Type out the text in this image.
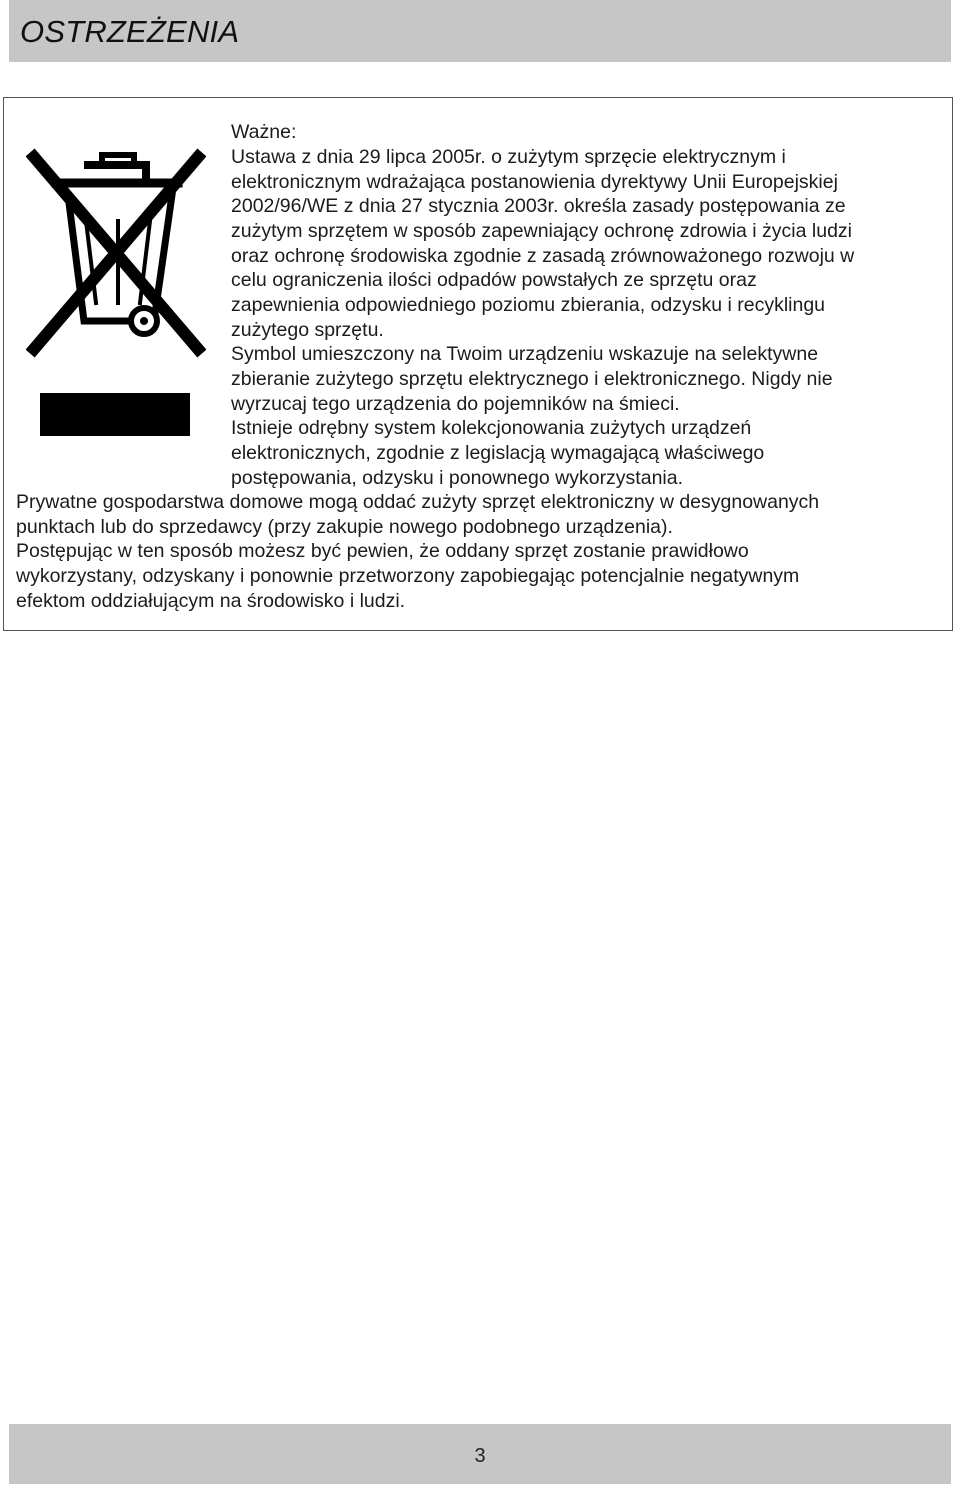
OSTRZEŻENIA
Ważne:
Ustawa z dnia 29 lipca 2005r. o zużytym sprzęcie elektrycznym i
elektronicznym wdrażająca postanowienia dyrektywy Unii Europejskiej
2002/96/WE z dnia 27 stycznia 2003r. określa zasady postępowania ze
zużytym sprzętem w sposób zapewniający ochronę zdrowia i życia ludzi
oraz ochronę środowiska zgodnie z zasadą zrównoważonego rozwoju w
celu ograniczenia ilości odpadów powstałych ze sprzętu oraz
zapewnienia odpowiedniego poziomu zbierania, odzysku i recyklingu
zużytego sprzętu.
Symbol umieszczony na Twoim urządzeniu wskazuje na selektywne
zbieranie zużytego sprzętu elektrycznego i elektronicznego. Nigdy nie
wyrzucaj tego urządzenia do pojemników na śmieci.
Istnieje odrębny system kolekcjonowania zużytych urządzeń
elektronicznych, zgodnie z legislacją wymagającą właściwego
postępowania, odzysku i ponownego wykorzystania.
Prywatne gospodarstwa domowe mogą oddać zużyty sprzęt elektroniczny w desygnowanych
punktach lub do sprzedawcy (przy zakupie nowego podobnego urządzenia).
Postępując w ten sposób możesz być pewien, że oddany sprzęt zostanie prawidłowo
wykorzystany, odzyskany i ponownie przetworzony zapobiegając potencjalnie negatywnym
efektom oddziałującym na środowisko i ludzi.
3
